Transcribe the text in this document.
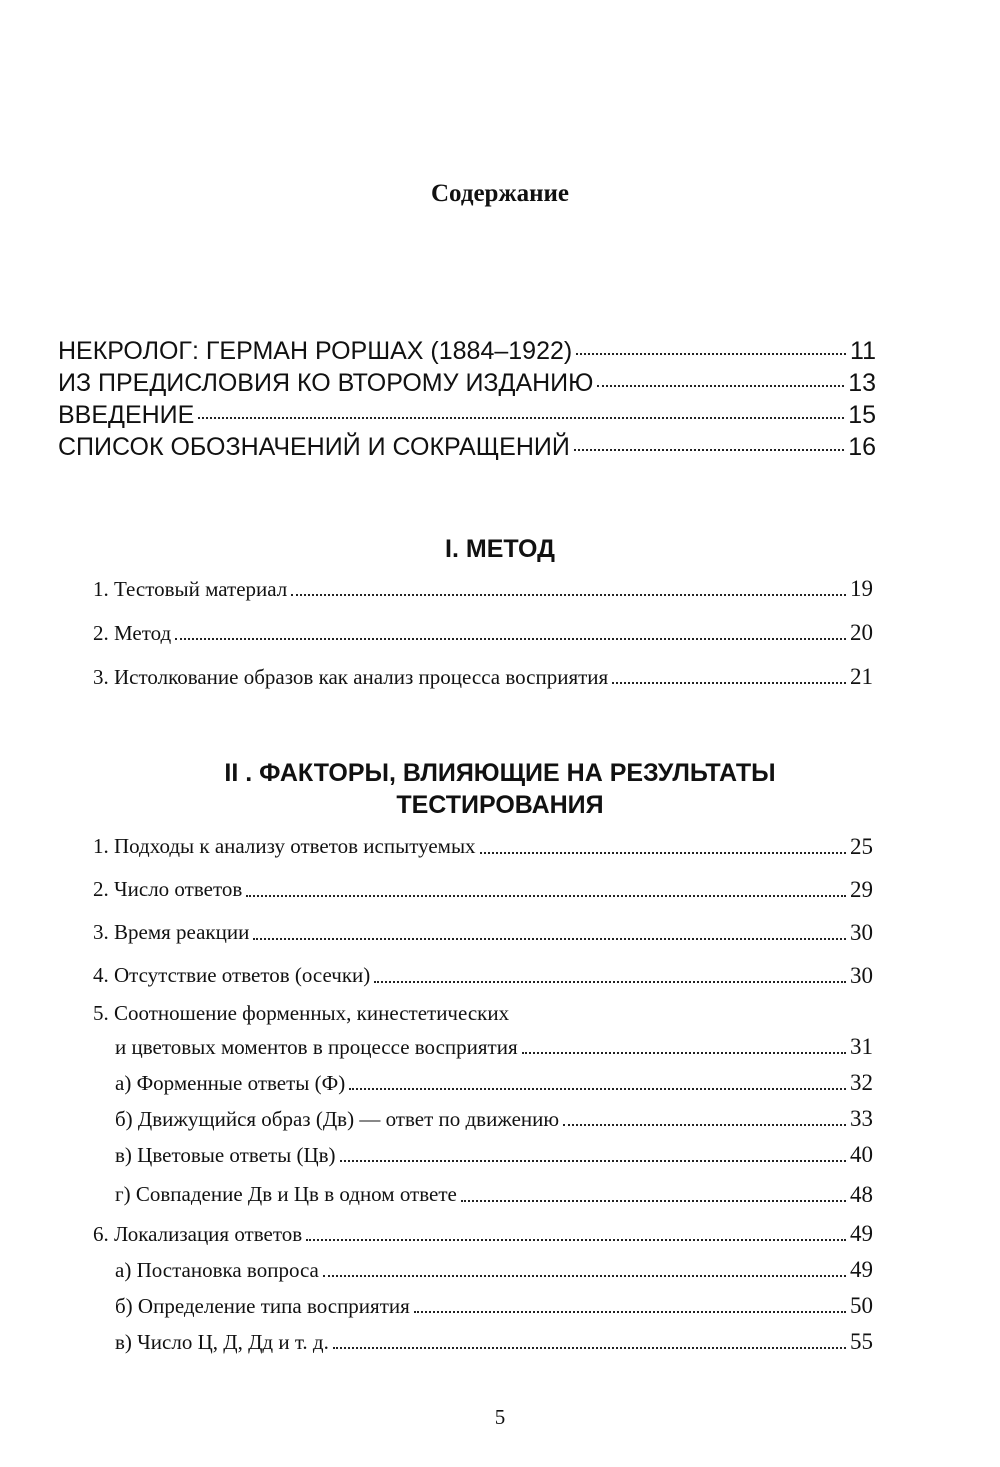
Содержание
НЕКРОЛОГ: ГЕРМАН РОРШАХ (1884–1922)	11
ИЗ ПРЕДИСЛОВИЯ КО ВТОРОМУ ИЗДАНИЮ	13
ВВЕДЕНИЕ	15
СПИСОК ОБОЗНАЧЕНИЙ И СОКРАЩЕНИЙ	16
I. МЕТОД
1. Тестовый материал	19
2. Метод	20
3. Истолкование образов как анализ процесса восприятия	21
II . ФАКТОРЫ, ВЛИЯЮЩИЕ НА РЕЗУЛЬТАТЫ
ТЕСТИРОВАНИЯ
1. Подходы к анализу ответов испытуемых	25
2. Число ответов	29
3. Время реакции	30
4. Отсутствие ответов (осечки)	30
5. Соотношение форменных, кинестетических
и цветовых моментов в процессе восприятия	31
а) Форменные ответы (Ф)	32
б) Движущийся образ (Дв) — ответ по движению	33
в) Цветовые ответы (Цв)	40
г) Совпадение Дв и Цв в одном ответе	48
6. Локализация ответов	49
а) Постановка вопроса	49
б) Определение типа восприятия	50
в) Число Ц, Д, Дд и т. д.	55
5
